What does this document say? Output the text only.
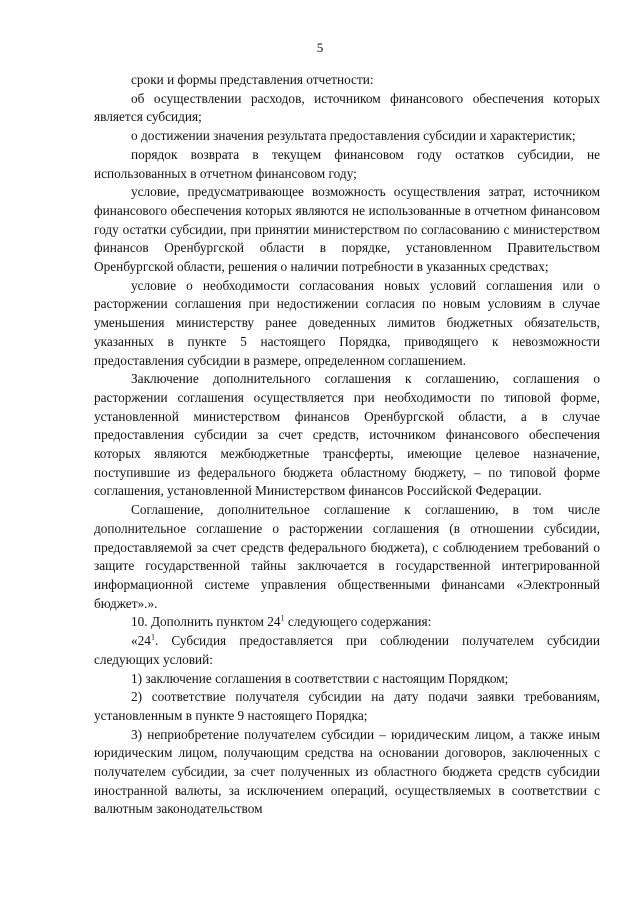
5

сроки и формы представления отчетности:

об осуществлении расходов, источником финансового обеспечения которых является субсидия;

о достижении значения результата предоставления субсидии и характеристик;

порядок возврата в текущем финансовом году остатков субсидии, не использованных в отчетном финансовом году;

условие, предусматривающее возможность осуществления затрат, источником финансового обеспечения которых являются не использованные в отчетном финансовом году остатки субсидии, при принятии министерством по согласованию с министерством финансов Оренбургской области в порядке, установленном Правительством Оренбургской области, решения о наличии потребности в указанных средствах;

условие о необходимости согласования новых условий соглашения или о расторжении соглашения при недостижении согласия по новым условиям в случае уменьшения министерству ранее доведенных лимитов бюджетных обязательств, указанных в пункте 5 настоящего Порядка, приводящего к невозможности предоставления субсидии в размере, определенном соглашением.

Заключение дополнительного соглашения к соглашению, соглашения о расторжении соглашения осуществляется при необходимости по типовой форме, установленной министерством финансов Оренбургской области, а в случае предоставления субсидии за счет средств, источником финансового обеспечения которых являются межбюджетные трансферты, имеющие целевое назначение, поступившие из федерального бюджета областному бюджету, – по типовой форме соглашения, установленной Министерством финансов Российской Федерации.

Соглашение, дополнительное соглашение к соглашению, в том числе дополнительное соглашение о расторжении соглашения (в отношении субсидии, предоставляемой за счет средств федерального бюджета), с соблюдением требований о защите государственной тайны заключается в государственной интегрированной информационной системе управления общественными финансами «Электронный бюджет».».

10. Дополнить пунктом $24^1$ следующего содержания:

«$24^1$. Субсидия предоставляется при соблюдении получателем субсидии следующих условий:

1) заключение соглашения в соответствии с настоящим Порядком;

2) соответствие получателя субсидии на дату подачи заявки требованиям, установленным в пункте 9 настоящего Порядка;

3) неприобретение получателем субсидии – юридическим лицом, а также иным юридическим лицом, получающим средства на основании договоров, заключенных с получателем субсидии, за счет полученных из областного бюджета средств субсидии иностранной валюты, за исключением операций, осуществляемых в соответствии с валютным законодательством
